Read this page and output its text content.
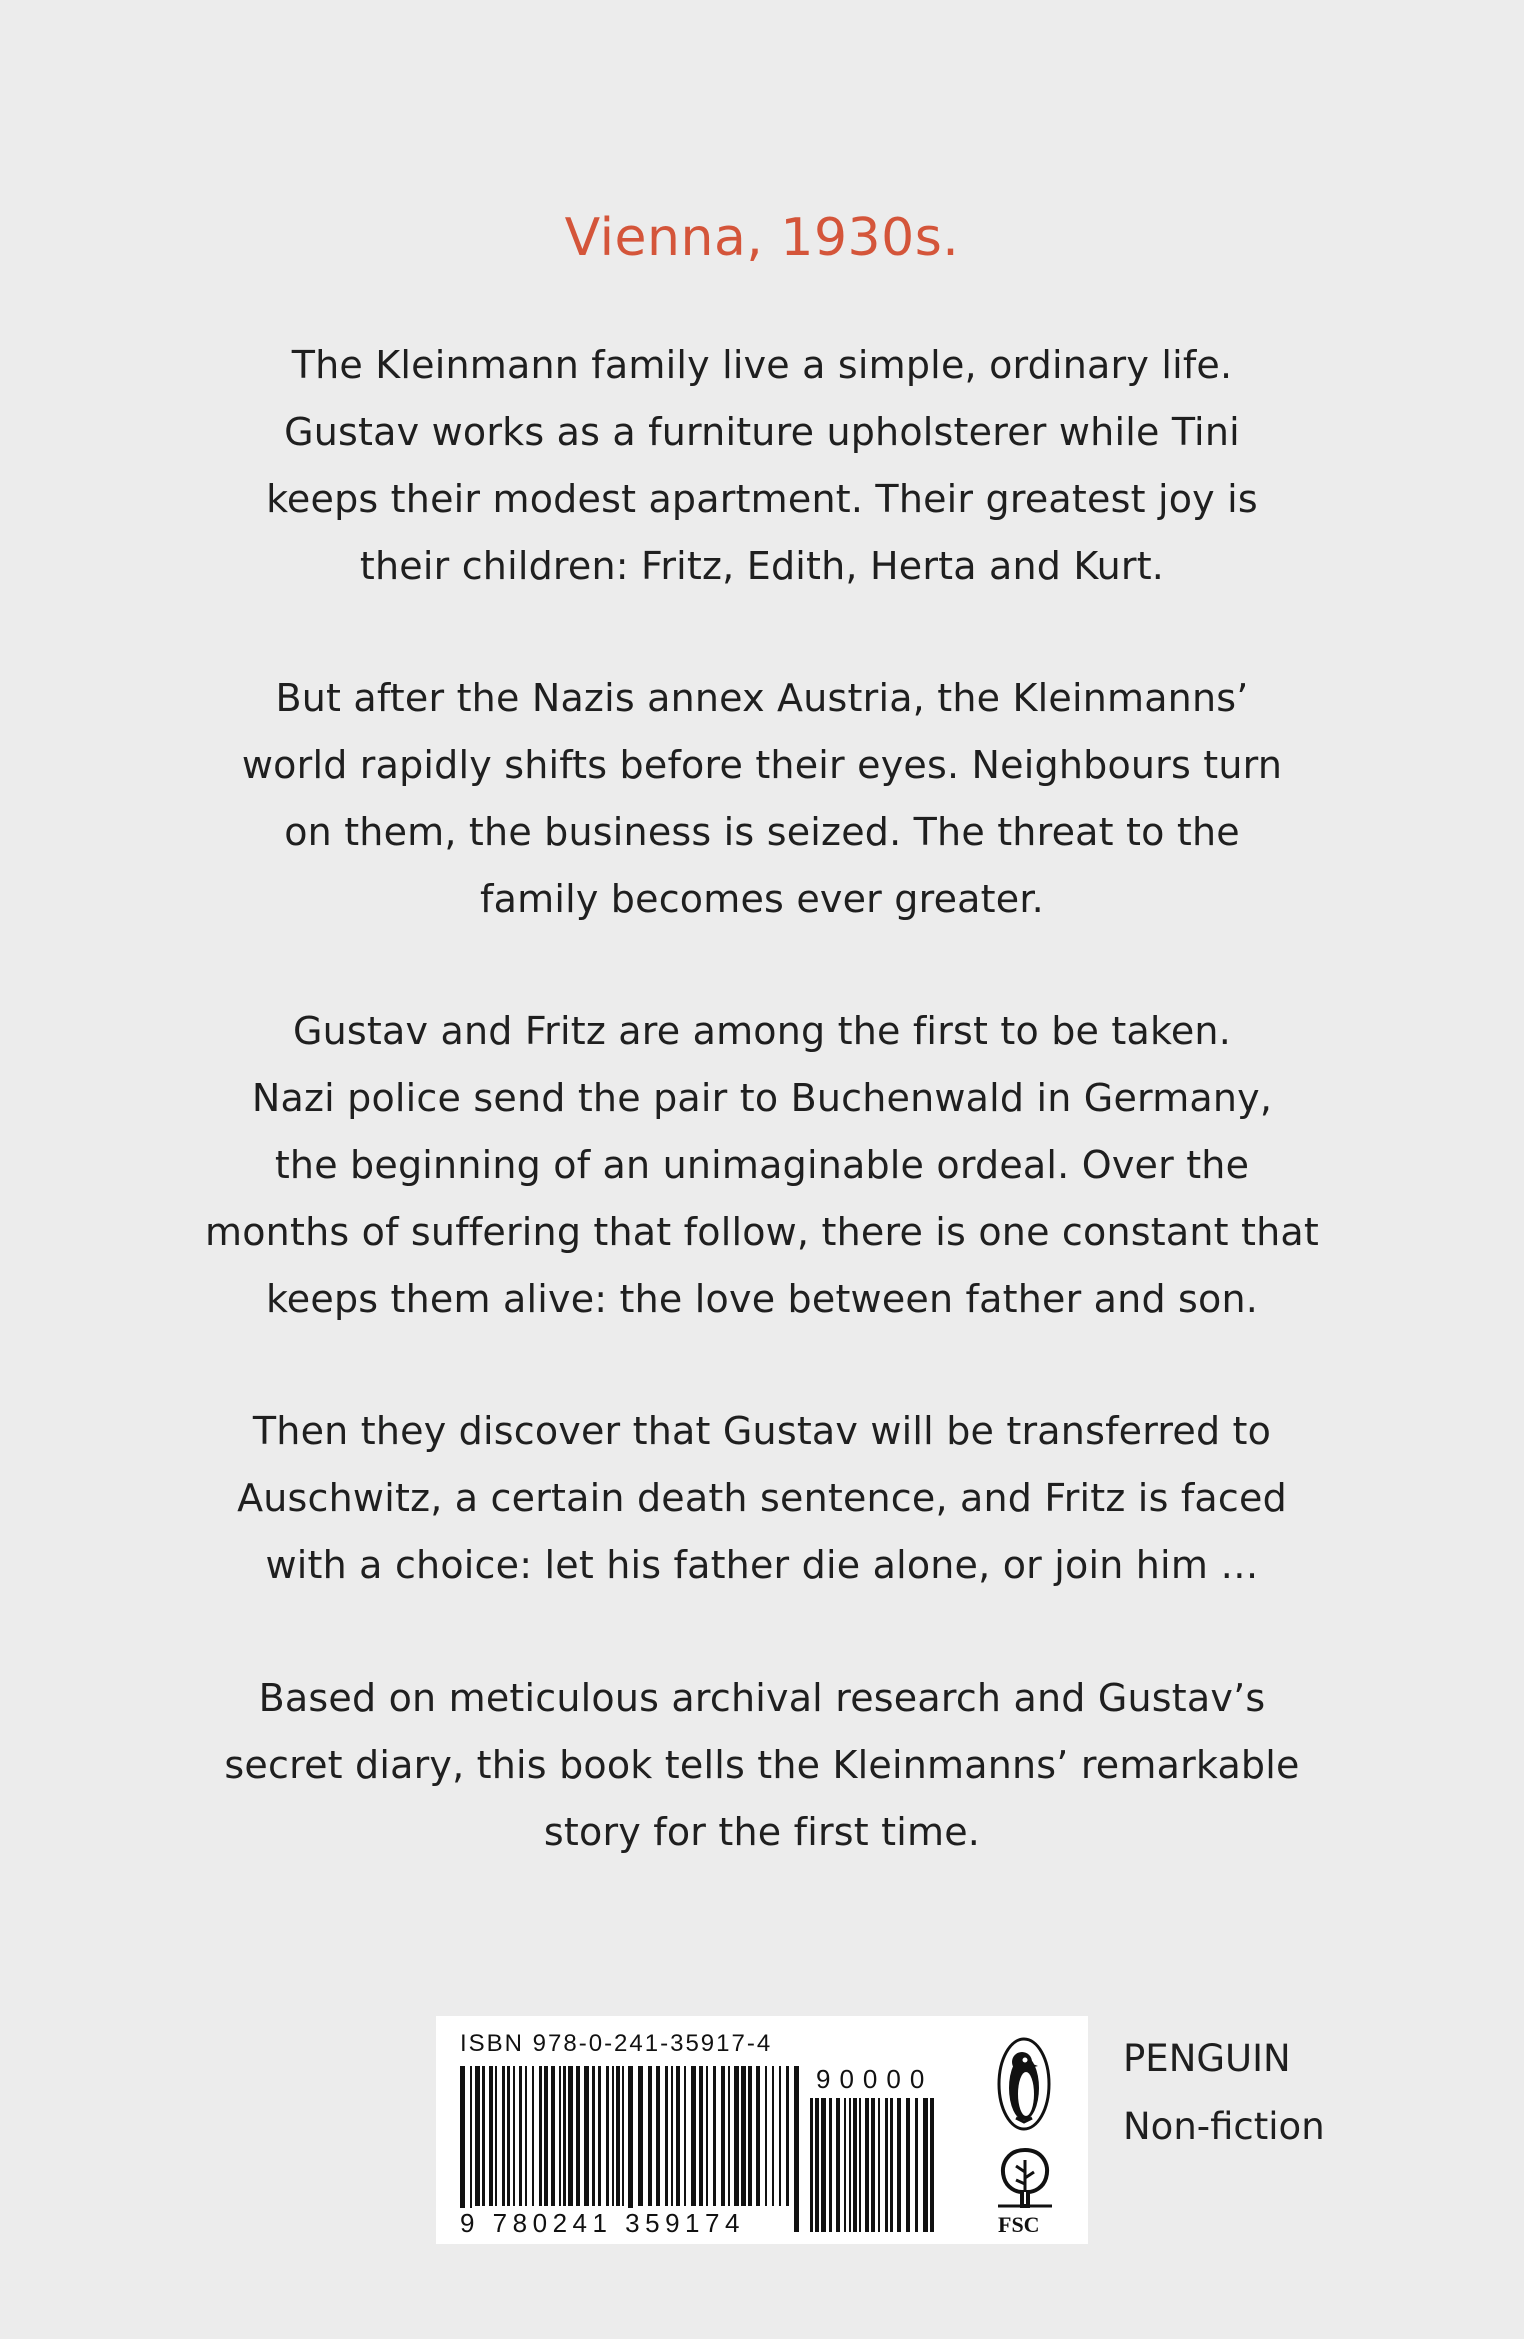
Vienna, 1930s.
The Kleinmann family live a simple, ordinary life.
Gustav works as a furniture upholsterer while Tini
keeps their modest apartment. Their greatest joy is
their children: Fritz, Edith, Herta and Kurt.
But after the Nazis annex Austria, the Kleinmanns’
world rapidly shifts before their eyes. Neighbours turn
on them, the business is seized. The threat to the
family becomes ever greater.
Gustav and Fritz are among the first to be taken.
Nazi police send the pair to Buchenwald in Germany,
the beginning of an unimaginable ordeal. Over the
months of suffering that follow, there is one constant that
keeps them alive: the love between father and son.
Then they discover that Gustav will be transferred to
Auschwitz, a certain death sentence, and Fritz is faced
with a choice: let his father die alone, or join him …
Based on meticulous archival research and Gustav’s
secret diary, this book tells the Kleinmanns’ remarkable
story for the first time.
ISBN 978-0-241-35917-4
90000
9 780241 359174	FSC
PENGUIN
Non-fiction
